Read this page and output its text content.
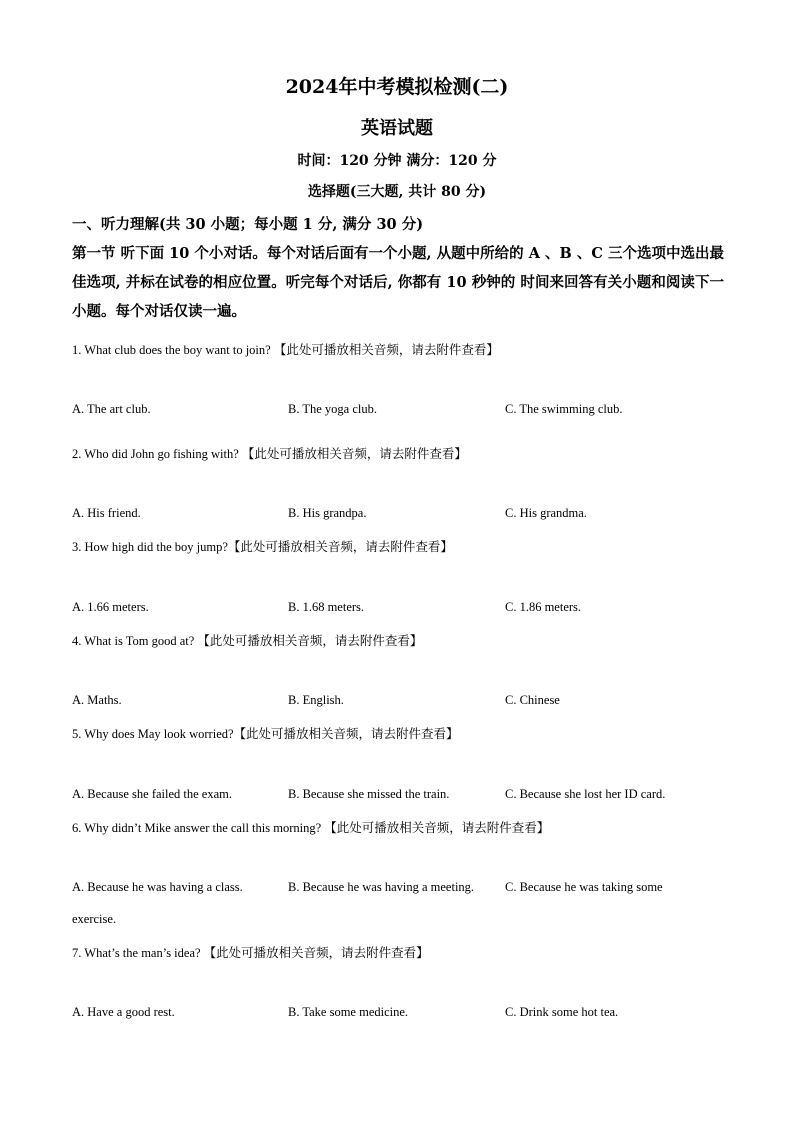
2024年中考模拟检测(二)
英语试题
时间：120 分钟 满分：120 分
选择题(三大题, 共计 80 分)
一、听力理解(共 30 小题；每小题 1 分, 满分 30 分)
第一节 听下面 10 个小对话。每个对话后面有一个小题, 从题中所给的 A 、B 、C 三个选项中选出最佳选项, 并标在试卷的相应位置。听完每个对话后, 你都有 10 秒钟的 时间来回答有关小题和阅读下一小题。每个对话仅读一遍。
1. What club does the boy want to join? 【此处可播放相关音频，请去附件查看】
A. The art club.	B. The yoga club.	C. The swimming club.
2. Who did John go fishing with? 【此处可播放相关音频，请去附件查看】
A. His friend.	B. His grandpa.	C. His grandma.
3. How high did the boy jump?【此处可播放相关音频，请去附件查看】
A. 1.66 meters.	B. 1.68 meters.	C. 1.86 meters.
4. What is Tom good at? 【此处可播放相关音频，请去附件查看】
A. Maths.	B. English.	C. Chinese
5. Why does May look worried?【此处可播放相关音频，请去附件查看】
A. Because she failed the exam.	B. Because she missed the train.	C. Because she lost her ID card.
6. Why didn’t Mike answer the call this morning? 【此处可播放相关音频，请去附件查看】
A. Because he was having a class.	B. Because he was having a meeting. C. Because he was taking some
exercise.
7. What’s the man’s idea? 【此处可播放相关音频，请去附件查看】
A. Have a good rest.	B. Take some medicine.	C. Drink some hot tea.
